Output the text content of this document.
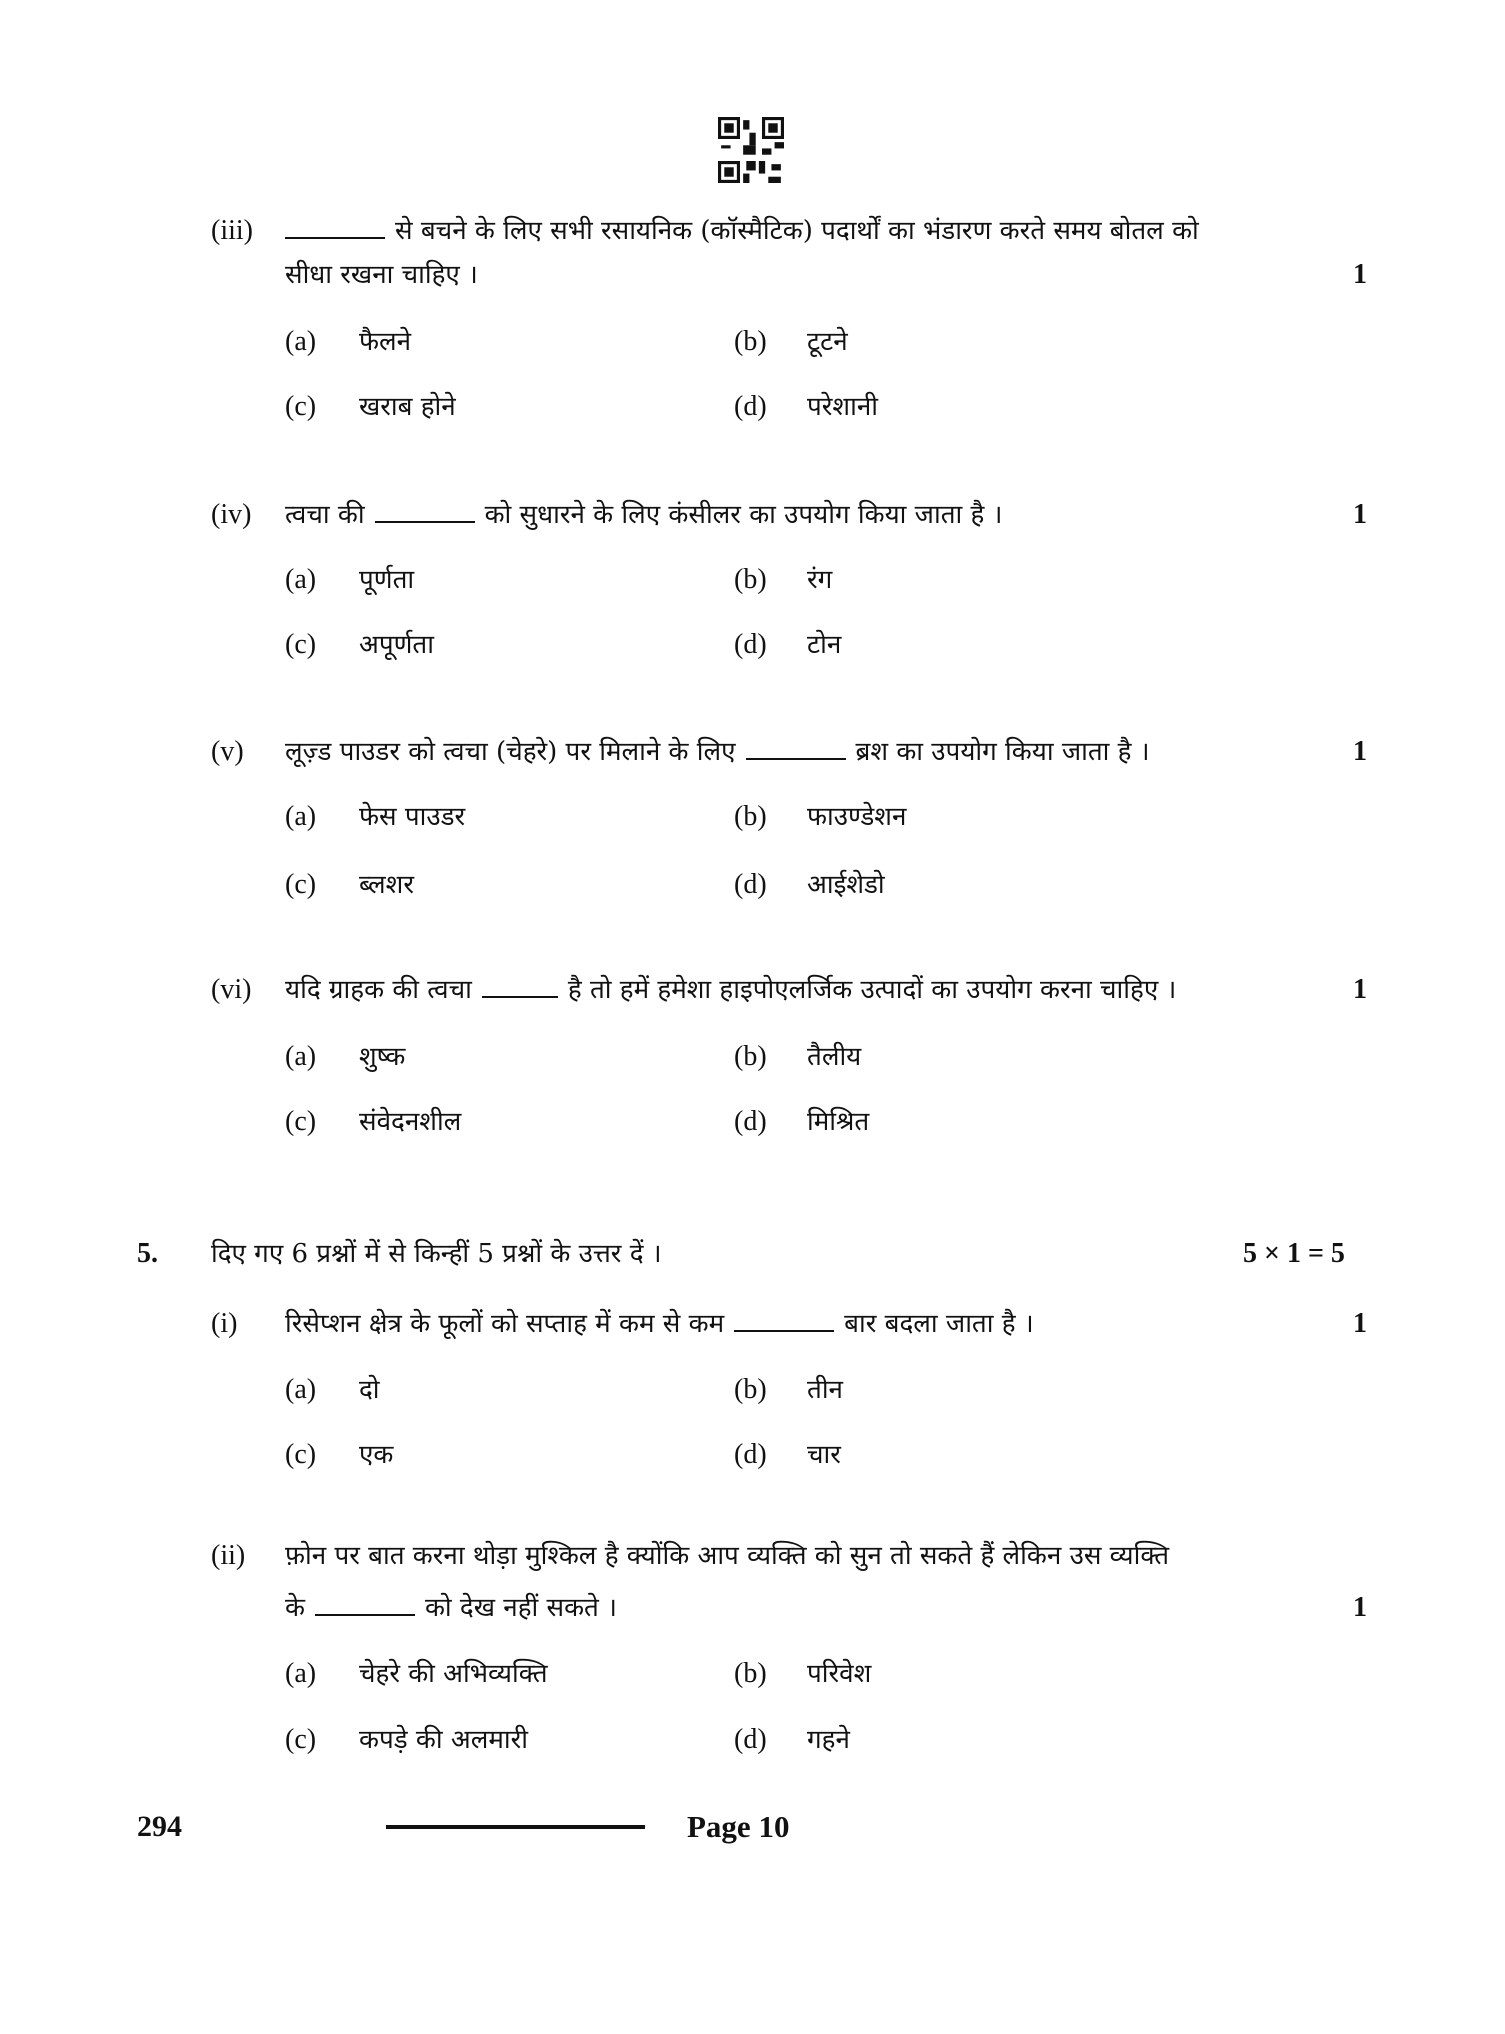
(iii)	से बचने के लिए सभी रसायनिक (कॉस्मैटिक) पदार्थों का भंडारण करते समय बोतल को
सीधा रखना चाहिए ।	1
(a) फैलने	(b) टूटने
(c) खराब होने	(d) परेशानी
(iv) त्वचा की	को सुधारने के लिए कंसीलर का उपयोग किया जाता है ।	1
(a) पूर्णता	(b) रंग
(c) अपूर्णता	(d) टोन
(v) लूज़्ड पाउडर को त्वचा (चेहरे) पर मिलाने के लिए	ब्रश का उपयोग किया जाता है ।	1
(a) फेस पाउडर	(b) फाउण्डेशन
(c) ब्लशर	(d) आईशेडो
(vi) यदि ग्राहक की त्वचा	है तो हमें हमेशा हाइपोएलर्जिक उत्पादों का उपयोग करना चाहिए ।	1
(a) शुष्क	(b) तैलीय
(c) संवेदनशील	(d) मिश्रित
5. दिए गए 6 प्रश्नों में से किन्हीं 5 प्रश्नों के उत्तर दें ।	5 × 1 = 5
(i) रिसेप्शन क्षेत्र के फूलों को सप्ताह में कम से कम	बार बदला जाता है ।	1
(a) दो	(b) तीन
(c) एक	(d) चार
(ii) फ़ोन पर बात करना थोड़ा मुश्किल है क्योंकि आप व्यक्ति को सुन तो सकते हैं लेकिन उस व्यक्ति
के	को देख नहीं सकते ।	1
(a) चेहरे की अभिव्यक्ति	(b) परिवेश
(c) कपड़े की अलमारी	(d) गहने
294	Page 10
